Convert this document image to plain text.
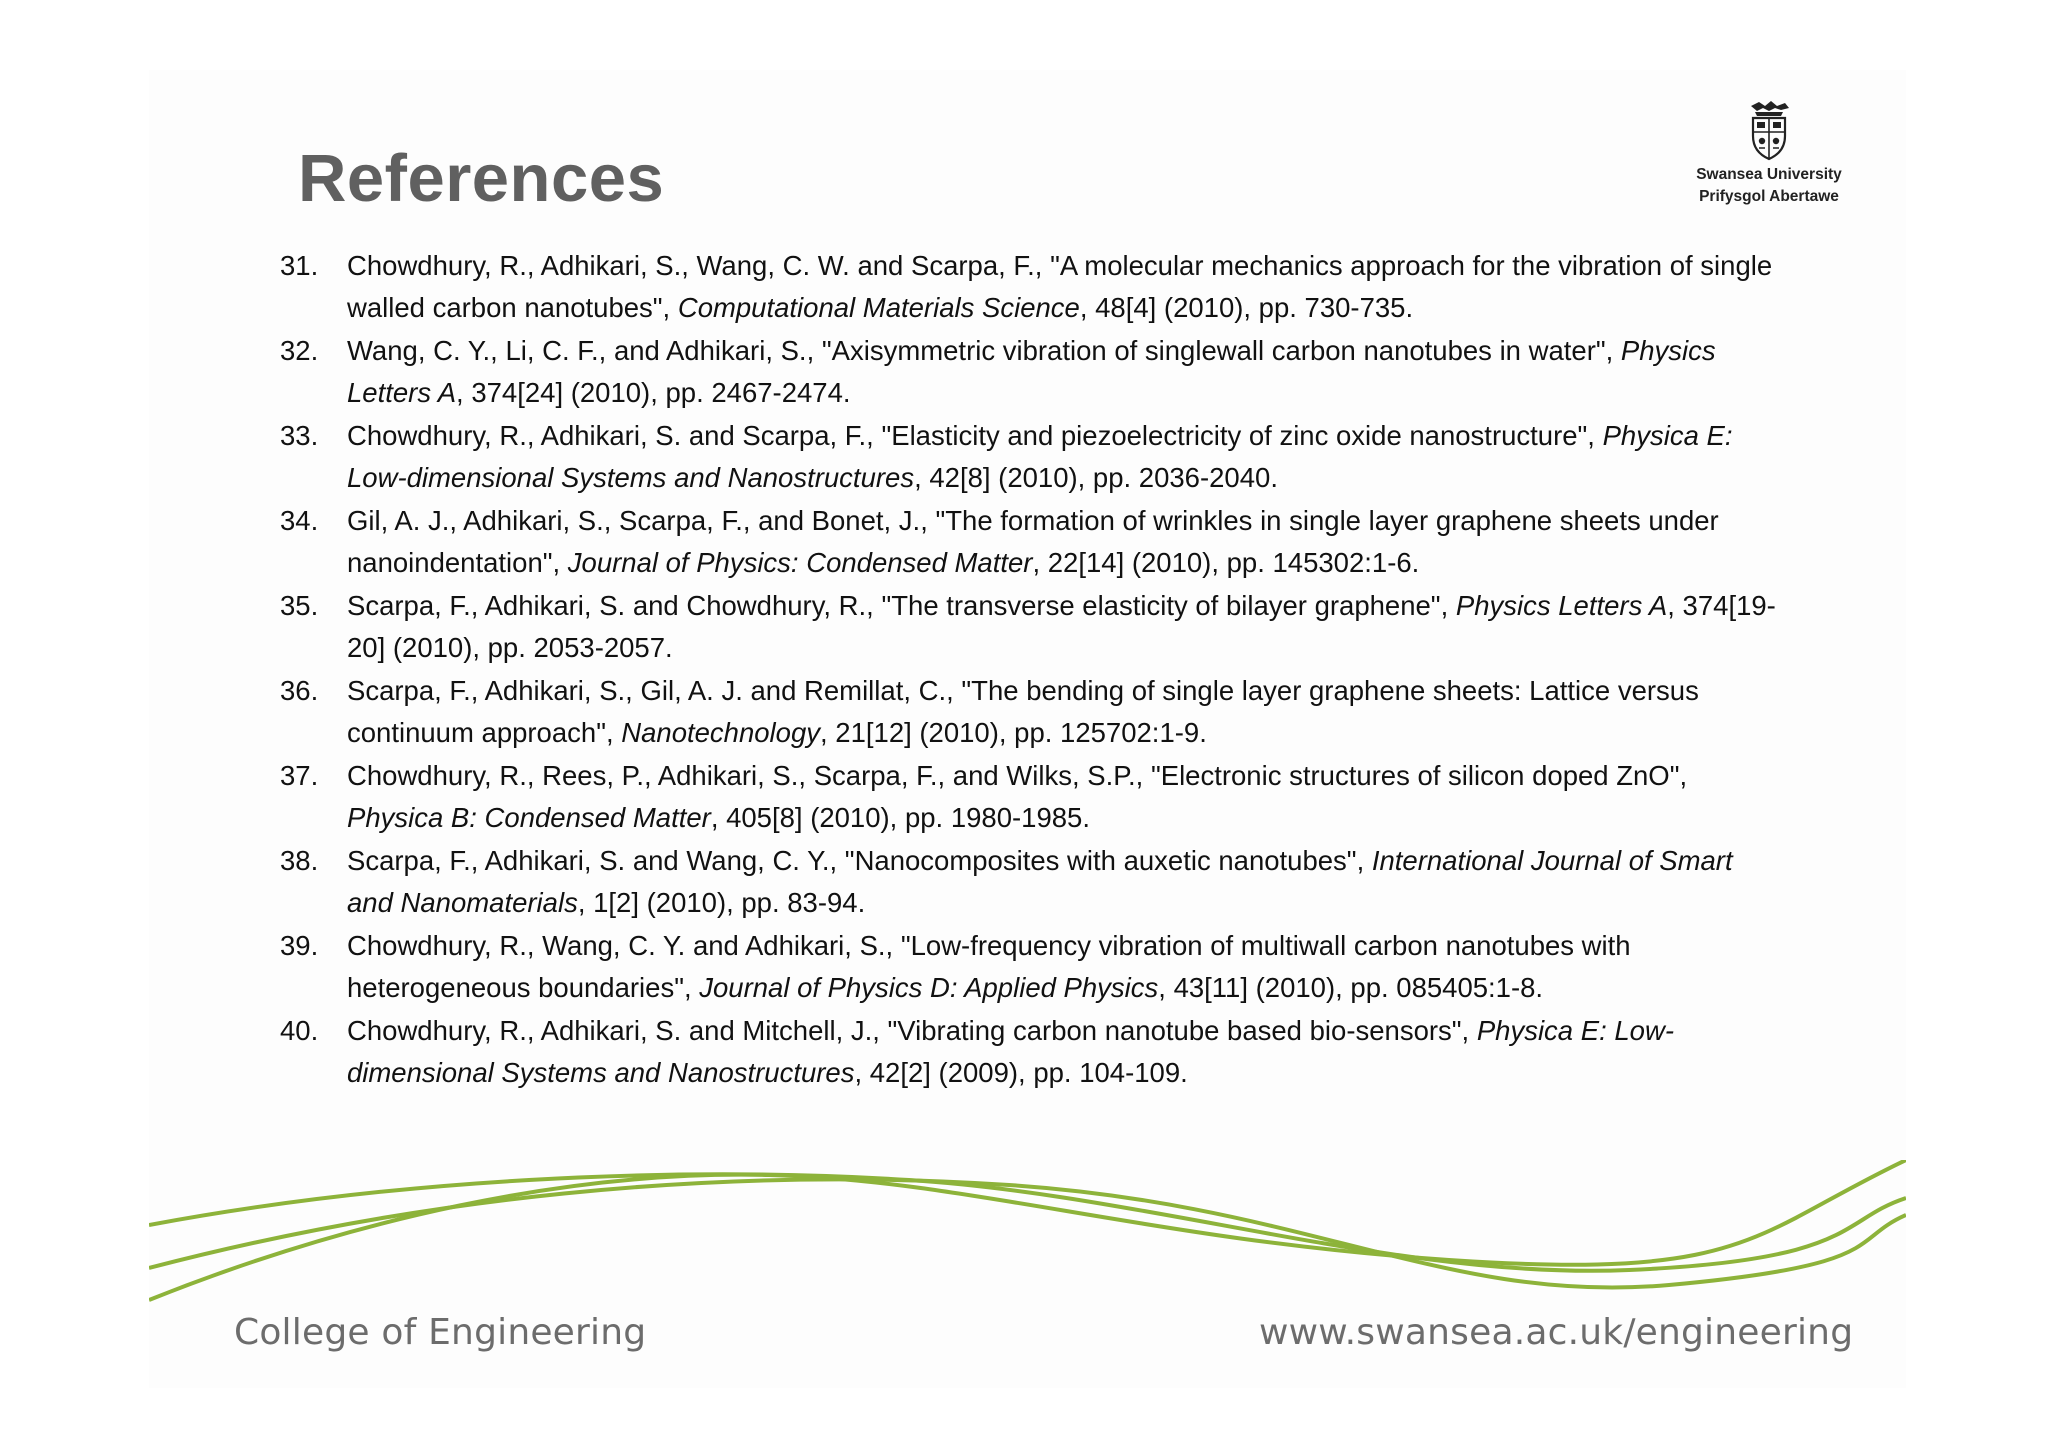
References	Swansea University
Prifysgol Abertawe
31.	Chowdhury, R., Adhikari, S., Wang, C. W. and Scarpa, F., "A molecular mechanics approach for the vibration of single walled carbon nanotubes", Computational Materials Science, 48[4] (2010), pp. 730-735.
32.	Wang, C. Y., Li, C. F., and Adhikari, S., "Axisymmetric vibration of singlewall carbon nanotubes in water", Physics Letters A, 374[24] (2010), pp. 2467-2474.
33.	Chowdhury, R., Adhikari, S. and Scarpa, F., "Elasticity and piezoelectricity of zinc oxide nanostructure", Physica E: Low-dimensional Systems and Nanostructures, 42[8] (2010), pp. 2036-2040.
34.	Gil, A. J., Adhikari, S., Scarpa, F., and Bonet, J., "The formation of wrinkles in single layer graphene sheets under nanoindentation", Journal of Physics: Condensed Matter, 22[14] (2010), pp. 145302:1-6.
35.	Scarpa, F., Adhikari, S. and Chowdhury, R., "The transverse elasticity of bilayer graphene", Physics Letters A, 374[19-20] (2010), pp. 2053-2057.
36.	Scarpa, F., Adhikari, S., Gil, A. J. and Remillat, C., "The bending of single layer graphene sheets: Lattice versus continuum approach", Nanotechnology, 21[12] (2010), pp. 125702:1-9.
37.	Chowdhury, R., Rees, P., Adhikari, S., Scarpa, F., and Wilks, S.P., "Electronic structures of silicon doped ZnO", Physica B: Condensed Matter, 405[8] (2010), pp. 1980-1985.
38.	Scarpa, F., Adhikari, S. and Wang, C. Y., "Nanocomposites with auxetic nanotubes", International Journal of Smart and Nanomaterials, 1[2] (2010), pp. 83-94.
39.	Chowdhury, R., Wang, C. Y. and Adhikari, S., "Low-frequency vibration of multiwall carbon nanotubes with heterogeneous boundaries", Journal of Physics D: Applied Physics, 43[11] (2010), pp. 085405:1-8.
40.	Chowdhury, R., Adhikari, S. and Mitchell, J., "Vibrating carbon nanotube based bio-sensors", Physica E: Low-dimensional Systems and Nanostructures, 42[2] (2009), pp. 104-109.
College of Engineering	www.swansea.ac.uk/engineering
